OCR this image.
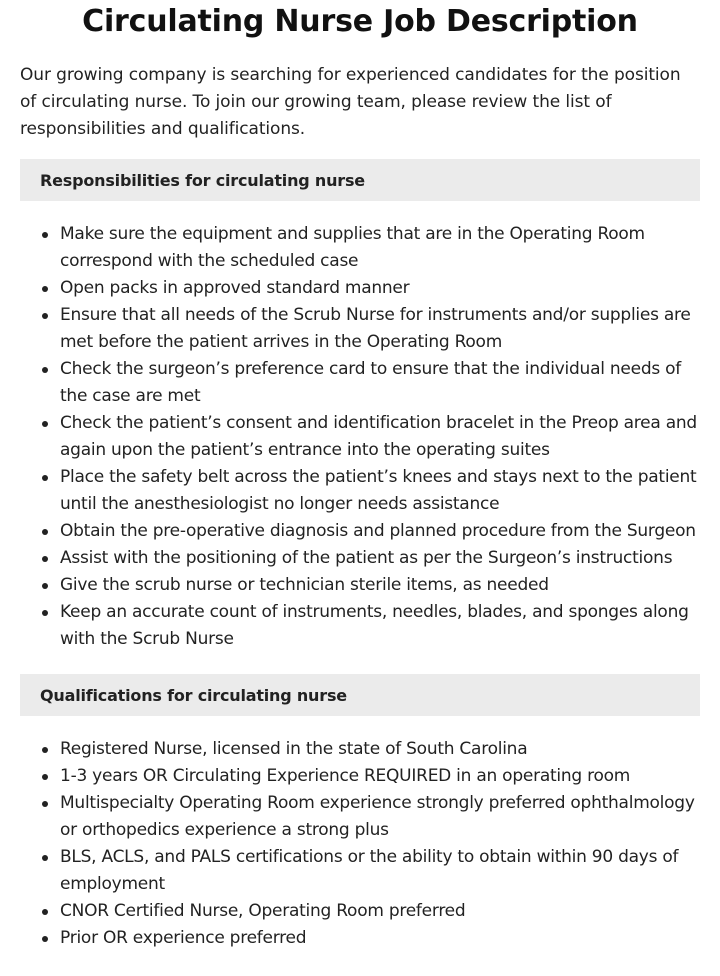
Circulating Nurse Job Description

Our growing company is searching for experienced candidates for the position of circulating nurse. To join our growing team, please review the list of responsibilities and qualifications.

Responsibilities for circulating nurse
Make sure the equipment and supplies that are in the Operating Room correspond with the scheduled case
Open packs in approved standard manner
Ensure that all needs of the Scrub Nurse for instruments and/or supplies are met before the patient arrives in the Operating Room
Check the surgeon’s preference card to ensure that the individual needs of the case are met
Check the patient’s consent and identification bracelet in the Preop area and again upon the patient’s entrance into the operating suites
Place the safety belt across the patient’s knees and stays next to the patient until the anesthesiologist no longer needs assistance
Obtain the pre-operative diagnosis and planned procedure from the Surgeon
Assist with the positioning of the patient as per the Surgeon’s instructions
Give the scrub nurse or technician sterile items, as needed
Keep an accurate count of instruments, needles, blades, and sponges along with the Scrub Nurse
Qualifications for circulating nurse
Registered Nurse, licensed in the state of South Carolina
1-3 years OR Circulating Experience REQUIRED in an operating room
Multispecialty Operating Room experience strongly preferred ophthalmology or orthopedics experience a strong plus
BLS, ACLS, and PALS certifications or the ability to obtain within 90 days of employment
CNOR Certified Nurse, Operating Room preferred
Prior OR experience preferred
